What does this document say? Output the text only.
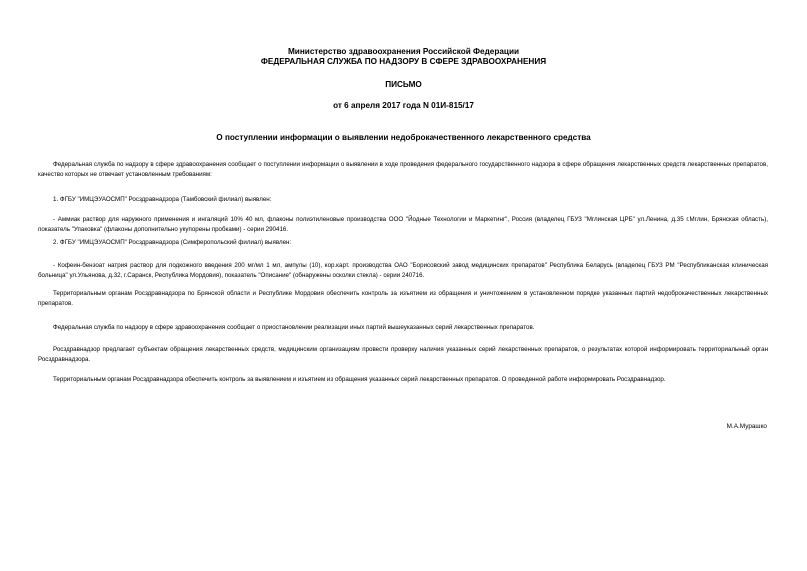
Министерство здравоохранения Российской Федерации
ФЕДЕРАЛЬНАЯ СЛУЖБА ПО НАДЗОРУ В СФЕРЕ ЗДРАВООХРАНЕНИЯ
ПИСЬМО
от 6 апреля 2017 года N 01И-815/17
О поступлении информации о выявлении недоброкачественного лекарственного средства

Федеральная служба по надзору в сфере здравоохранения сообщает о поступлении информации о выявлении в ходе проведения федерального государственного надзора в сфере обращения лекарственных средств лекарственных препаратов, качество которых не отвечает установленным требованиям:

1. ФГБУ "ИМЦЭУАОСМП" Росздравнадзора (Тамбовский филиал) выявлен:

- Аммиак раствор для наружного применения и ингаляций 10% 40 мл, флаконы полиэтиленовые производства ООО "Йодные Технологии и Маркетинг", Россия (владелец ГБУЗ "Мглинская ЦРБ" ул.Ленина, д.35 г.Мглин, Брянская область), показатель "Упаковка" (флаконы дополнительно укупорены пробками) - серии 290416.

2. ФГБУ "ИМЦЭУАОСМП" Росздравнадзора (Симферопольский филиал) выявлен:

- Кофеин-бензоат натрия раствор для подкожного введения 200 мг/мл 1 мл, ампулы (10), кор.карт. производства ОАО "Борисовский завод медицинских препаратов" Республика Беларусь (владелец ГБУЗ РМ "Республиканская клиническая больница" ул.Ульянова, д.32, г.Саранск, Республика Мордовия), показатель "Описание" (обнаружены осколки стекла) - серии 240716.

Территориальным органам Росздравнадзора по Брянской области и Республике Мордовия обеспечить контроль за изъятием из обращения и уничтожением в установленном порядке указанных партий недоброкачественных лекарственных препаратов.

Федеральная служба по надзору в сфере здравоохранения сообщает о приостановлении реализации иных партий вышеуказанных серий лекарственных препаратов.

Росздравнадзор предлагает субъектам обращения лекарственных средств, медицинским организациям провести проверку наличия указанных серий лекарственных препаратов, о результатах которой информировать территориальный орган Росздравнадзора.

Территориальным органам Росздравнадзора обеспечить контроль за выявлением и изъятием из обращения указанных серий лекарственных препаратов. О проведенной работе информировать Росздравнадзор.

М.А.Мурашко
